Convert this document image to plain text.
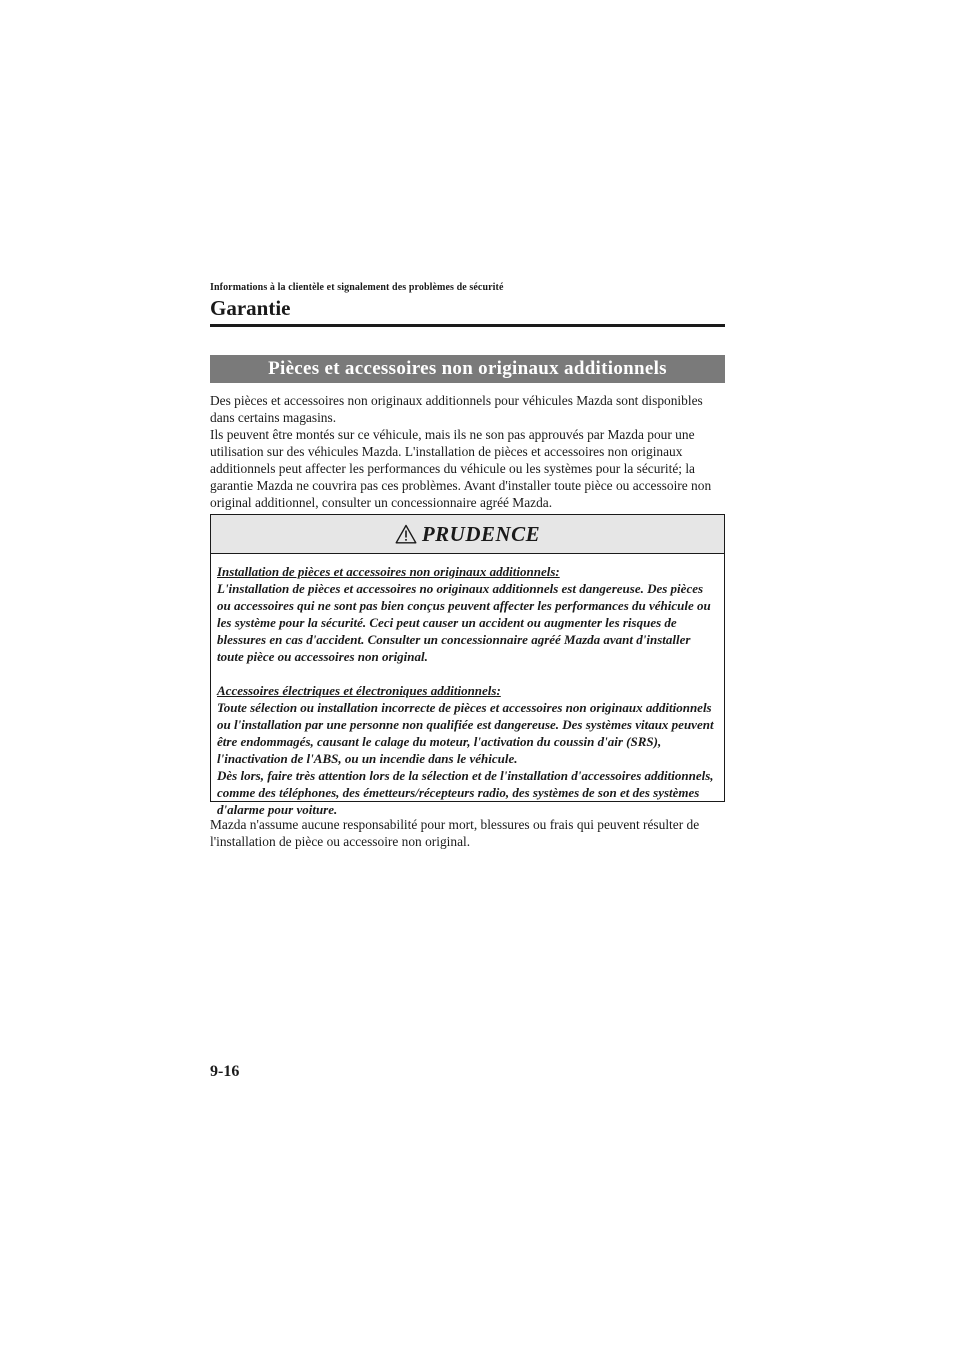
Informations à la clientèle et signalement des problèmes de sécurité
Garantie
Pièces et accessoires non originaux additionnels

Des pièces et accessoires non originaux additionnels pour véhicules Mazda sont disponibles dans certains magasins.

Ils peuvent être montés sur ce véhicule, mais ils ne son pas approuvés par Mazda pour une utilisation sur des véhicules Mazda. L'installation de pièces et accessoires non originaux additionnels peut affecter les performances du véhicule ou les systèmes pour la sécurité; la garantie Mazda ne couvrira pas ces problèmes. Avant d'installer toute pièce ou accessoire non original additionnel, consulter un concessionnaire agréé Mazda.

PRUDENCE
Installation de pièces et accessoires non originaux additionnels:
L'installation de pièces et accessoires no originaux additionnels est dangereuse. Des pièces ou accessoires qui ne sont pas bien conçus peuvent affecter les performances du véhicule ou les système pour la sécurité. Ceci peut causer un accident ou augmenter les risques de blessures en cas d'accident. Consulter un concessionnaire agréé Mazda avant d'installer toute pièce ou accessoires non original.
Accessoires électriques et électroniques additionnels:
Toute sélection ou installation incorrecte de pièces et accessoires non originaux additionnels ou l'installation par une personne non qualifiée est dangereuse. Des systèmes vitaux peuvent être endommagés, causant le calage du moteur, l'activation du coussin d'air (SRS), l'inactivation de l'ABS, ou un incendie dans le véhicule.
Dès lors, faire très attention lors de la sélection et de l'installation d'accessoires additionnels, comme des téléphones, des émetteurs/récepteurs radio, des systèmes de son et des systèmes d'alarme pour voiture.

Mazda n'assume aucune responsabilité pour mort, blessures ou frais qui peuvent résulter de l'installation de pièce ou accessoire non original.

9-16
